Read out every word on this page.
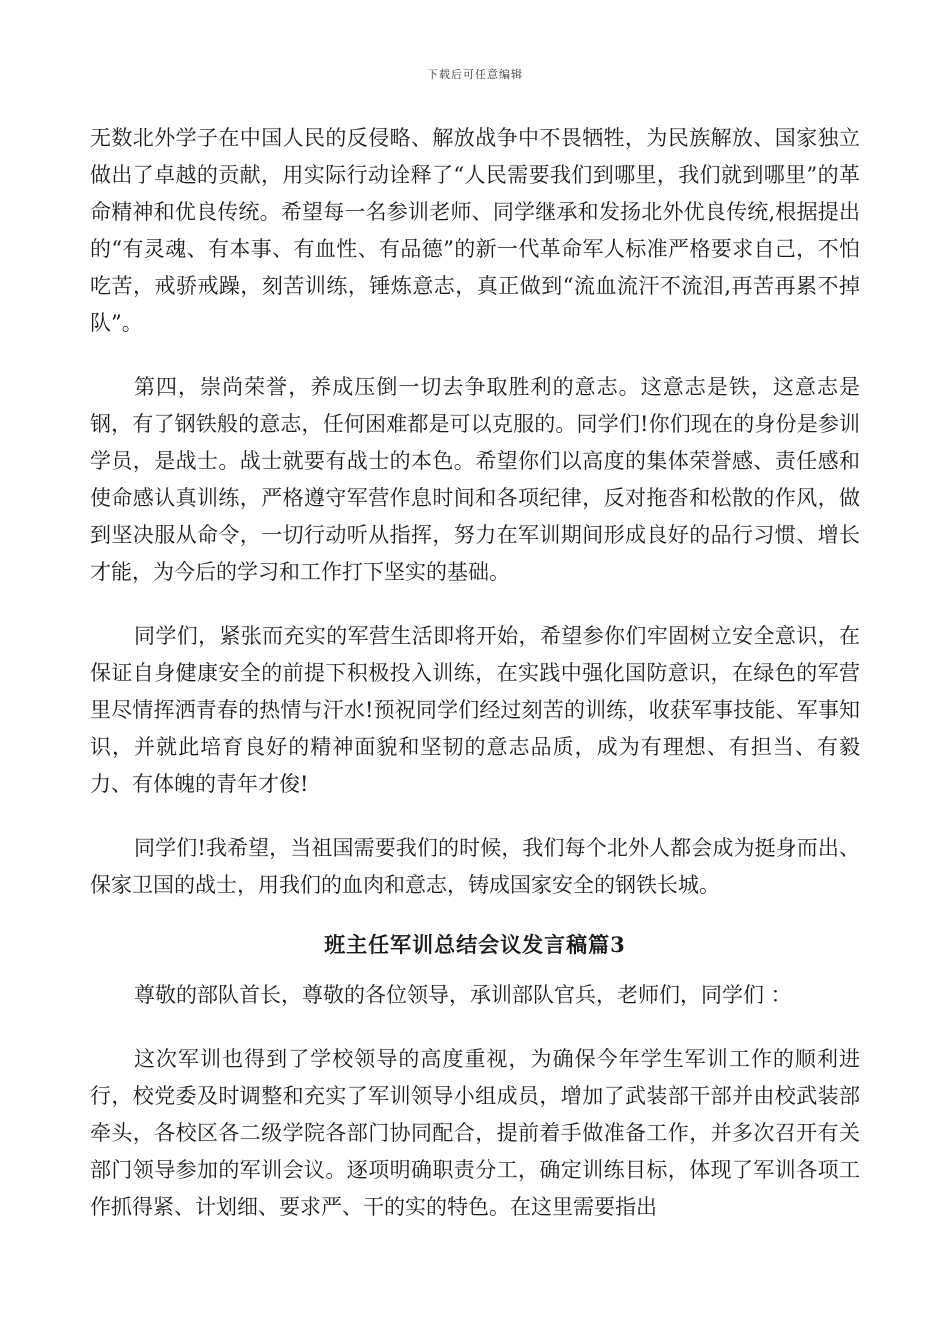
下载后可任意编辑

无数北外学子在中国人民的反侵略、解放战争中不畏牺牲，为民族解放、国家独立做出了卓越的贡献，用实际行动诠释了“人民需要我们到哪里，我们就到哪里”的革命精神和优良传统。希望每一名参训老师、同学继承和发扬北外优良传统,根据提出的“有灵魂、有本事、有血性、有品德”的新一代革命军人标准严格要求自己，不怕吃苦，戒骄戒躁，刻苦训练，锤炼意志，真正做到“流血流汗不流泪,再苦再累不掉队”。

第四，崇尚荣誉，养成压倒一切去争取胜利的意志。这意志是铁，这意志是钢，有了钢铁般的意志，任何困难都是可以克服的。同学们!你们现在的身份是参训学员，是战士。战士就要有战士的本色。希望你们以高度的集体荣誉感、责任感和使命感认真训练，严格遵守军营作息时间和各项纪律，反对拖沓和松散的作风，做到坚决服从命令，一切行动听从指挥，努力在军训期间形成良好的品行习惯、增长才能，为今后的学习和工作打下坚实的基础。

同学们，紧张而充实的军营生活即将开始，希望参你们牢固树立安全意识，在保证自身健康安全的前提下积极投入训练，在实践中强化国防意识，在绿色的军营里尽情挥洒青春的热情与汗水!预祝同学们经过刻苦的训练，收获军事技能、军事知识，并就此培育良好的精神面貌和坚韧的意志品质，成为有理想、有担当、有毅力、有体魄的青年才俊!

同学们!我希望，当祖国需要我们的时候，我们每个北外人都会成为挺身而出、保家卫国的战士，用我们的血肉和意志，铸成国家安全的钢铁长城。

班主任军训总结会议发言稿篇3

尊敬的部队首长，尊敬的各位领导，承训部队官兵，老师们，同学们 ：

这次军训也得到了学校领导的高度重视，为确保今年学生军训工作的顺利进行，校党委及时调整和充实了军训领导小组成员，增加了武装部干部并由校武装部牵头，各校区各二级学院各部门协同配合，提前着手做准备工作，并多次召开有关部门领导参加的军训会议。逐项明确职责分工，确定训练目标，体现了军训各项工作抓得紧、计划细、要求严、干的实的特色。在这里需要指出
